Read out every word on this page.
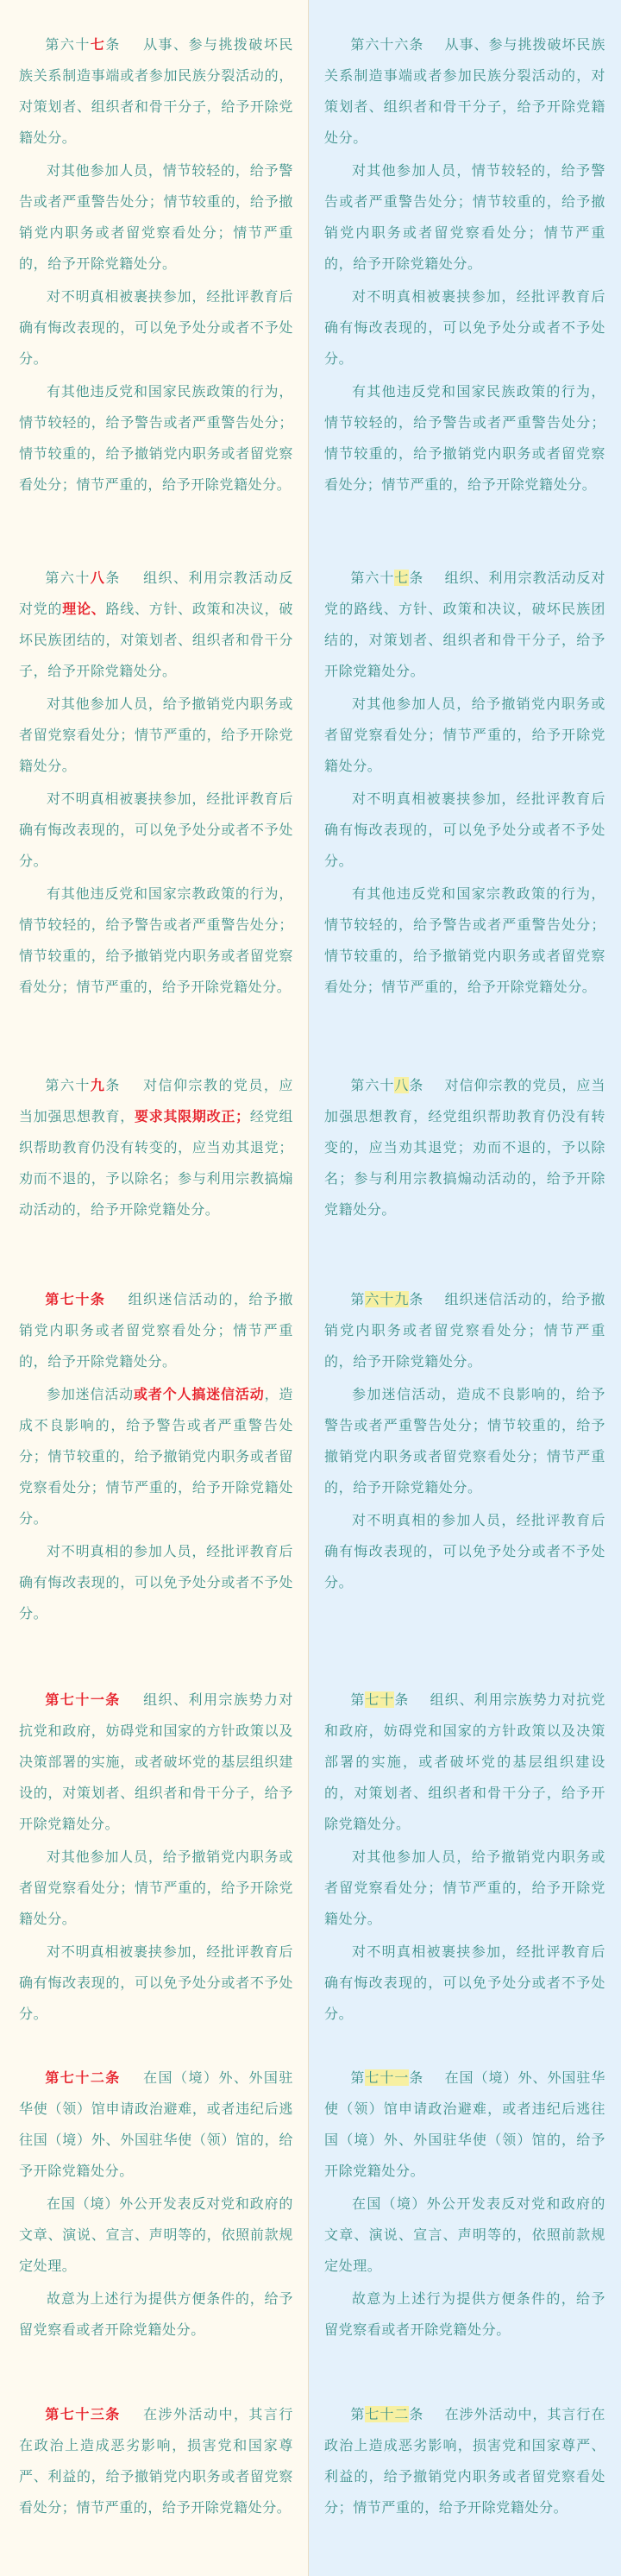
第六十七条 从事、参与挑拨破坏民族关系制造事端或者参加民族分裂活动的，对策划者、组织者和骨干分子，给予开除党籍处分。

对其他参加人员，情节较轻的，给予警告或者严重警告处分；情节较重的，给予撤销党内职务或者留党察看处分；情节严重的，给予开除党籍处分。

对不明真相被裹挟参加，经批评教育后确有悔改表现的，可以免予处分或者不予处分。

有其他违反党和国家民族政策的行为，情节较轻的，给予警告或者严重警告处分；情节较重的，给予撤销党内职务或者留党察看处分；情节严重的，给予开除党籍处分。

第六十八条 组织、利用宗教活动反对党的理论、路线、方针、政策和决议，破坏民族团结的，对策划者、组织者和骨干分子，给予开除党籍处分。

对其他参加人员，给予撤销党内职务或者留党察看处分；情节严重的，给予开除党籍处分。

对不明真相被裹挟参加，经批评教育后确有悔改表现的，可以免予处分或者不予处分。

有其他违反党和国家宗教政策的行为，情节较轻的，给予警告或者严重警告处分；情节较重的，给予撤销党内职务或者留党察看处分；情节严重的，给予开除党籍处分。

第六十九条 对信仰宗教的党员，应当加强思想教育，要求其限期改正；经党组织帮助教育仍没有转变的，应当劝其退党；劝而不退的，予以除名；参与利用宗教搞煽动活动的，给予开除党籍处分。

第七十条 组织迷信活动的，给予撤销党内职务或者留党察看处分；情节严重的，给予开除党籍处分。

参加迷信活动或者个人搞迷信活动，造成不良影响的，给予警告或者严重警告处分；情节较重的，给予撤销党内职务或者留党察看处分；情节严重的，给予开除党籍处分。

对不明真相的参加人员，经批评教育后确有悔改表现的，可以免予处分或者不予处分。

第七十一条 组织、利用宗族势力对抗党和政府，妨碍党和国家的方针政策以及决策部署的实施，或者破坏党的基层组织建设的，对策划者、组织者和骨干分子，给予开除党籍处分。

对其他参加人员，给予撤销党内职务或者留党察看处分；情节严重的，给予开除党籍处分。

对不明真相被裹挟参加，经批评教育后确有悔改表现的，可以免予处分或者不予处分。

第七十二条 在国（境）外、外国驻华使（领）馆申请政治避难，或者违纪后逃往国（境）外、外国驻华使（领）馆的，给予开除党籍处分。

在国（境）外公开发表反对党和政府的文章、演说、宣言、声明等的，依照前款规定处理。

故意为上述行为提供方便条件的，给予留党察看或者开除党籍处分。

第七十三条 在涉外活动中，其言行在政治上造成恶劣影响，损害党和国家尊严、利益的，给予撤销党内职务或者留党察看处分；情节严重的，给予开除党籍处分。

第六十六条 从事、参与挑拨破坏民族关系制造事端或者参加民族分裂活动的，对策划者、组织者和骨干分子，给予开除党籍处分。

对其他参加人员，情节较轻的，给予警告或者严重警告处分；情节较重的，给予撤销党内职务或者留党察看处分；情节严重的，给予开除党籍处分。

对不明真相被裹挟参加，经批评教育后确有悔改表现的，可以免予处分或者不予处分。

有其他违反党和国家民族政策的行为，情节较轻的，给予警告或者严重警告处分；情节较重的，给予撤销党内职务或者留党察看处分；情节严重的，给予开除党籍处分。

第六十七条 组织、利用宗教活动反对党的路线、方针、政策和决议，破坏民族团结的，对策划者、组织者和骨干分子，给予开除党籍处分。

对其他参加人员，给予撤销党内职务或者留党察看处分；情节严重的，给予开除党籍处分。

对不明真相被裹挟参加，经批评教育后确有悔改表现的，可以免予处分或者不予处分。

有其他违反党和国家宗教政策的行为，情节较轻的，给予警告或者严重警告处分；情节较重的，给予撤销党内职务或者留党察看处分；情节严重的，给予开除党籍处分。

第六十八条 对信仰宗教的党员，应当加强思想教育，经党组织帮助教育仍没有转变的，应当劝其退党；劝而不退的，予以除名；参与利用宗教搞煽动活动的，给予开除党籍处分。

第六十九条 组织迷信活动的，给予撤销党内职务或者留党察看处分；情节严重的，给予开除党籍处分。

参加迷信活动，造成不良影响的，给予警告或者严重警告处分；情节较重的，给予撤销党内职务或者留党察看处分；情节严重的，给予开除党籍处分。

对不明真相的参加人员，经批评教育后确有悔改表现的，可以免予处分或者不予处分。

第七十条 组织、利用宗族势力对抗党和政府，妨碍党和国家的方针政策以及决策部署的实施，或者破坏党的基层组织建设的，对策划者、组织者和骨干分子，给予开除党籍处分。

对其他参加人员，给予撤销党内职务或者留党察看处分；情节严重的，给予开除党籍处分。

对不明真相被裹挟参加，经批评教育后确有悔改表现的，可以免予处分或者不予处分。

第七十一条 在国（境）外、外国驻华使（领）馆申请政治避难，或者违纪后逃往国（境）外、外国驻华使（领）馆的，给予开除党籍处分。

在国（境）外公开发表反对党和政府的文章、演说、宣言、声明等的，依照前款规定处理。

故意为上述行为提供方便条件的，给予留党察看或者开除党籍处分。

第七十二条 在涉外活动中，其言行在政治上造成恶劣影响，损害党和国家尊严、利益的，给予撤销党内职务或者留党察看处分；情节严重的，给予开除党籍处分。
